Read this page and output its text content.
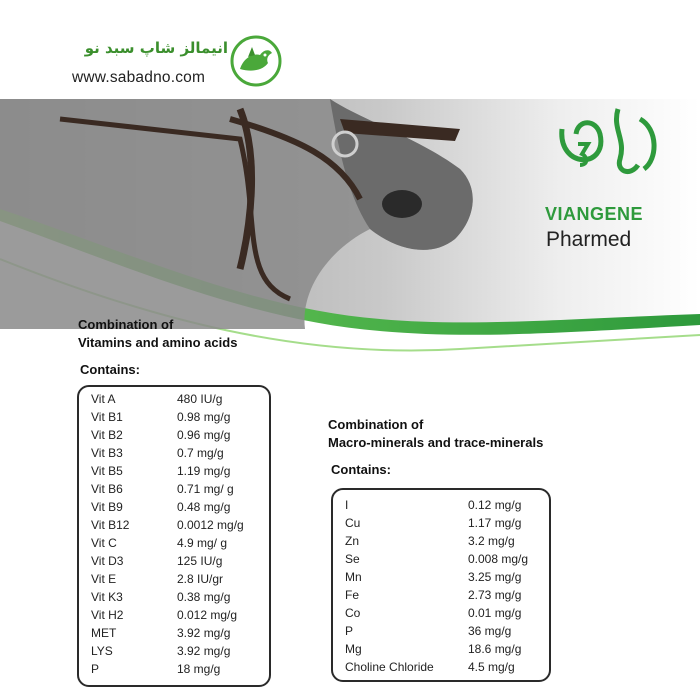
انیمالز شاپ سبد نو
www.sabadno.com
VIANGENE
Pharmed
Combination of
Vitamins and amino acids
Contains:
Vit A	480 IU/g
Vit B1	0.98 mg/g
Vit B2	0.96 mg/g
Vit B3	0.7 mg/g
Vit B5	1.19 mg/g
Vit B6	0.71 mg/ g
Vit B9	0.48 mg/g
Vit B12	0.0012 mg/g
Vit C	4.9 mg/ g
Vit D3	125 IU/g
Vit E	2.8 IU/gr
Vit K3	0.38 mg/g
Vit H2	0.012 mg/g
MET	3.92 mg/g
LYS	3.92 mg/g
P	18 mg/g
Combination of
Macro-minerals and trace-minerals
Contains:
I	0.12 mg/g
Cu	1.17 mg/g
Zn	3.2 mg/g
Se	0.008 mg/g
Mn	3.25 mg/g
Fe	2.73 mg/g
Co	0.01 mg/g
P	36 mg/g
Mg	18.6 mg/g
Choline Chloride	4.5 mg/g
